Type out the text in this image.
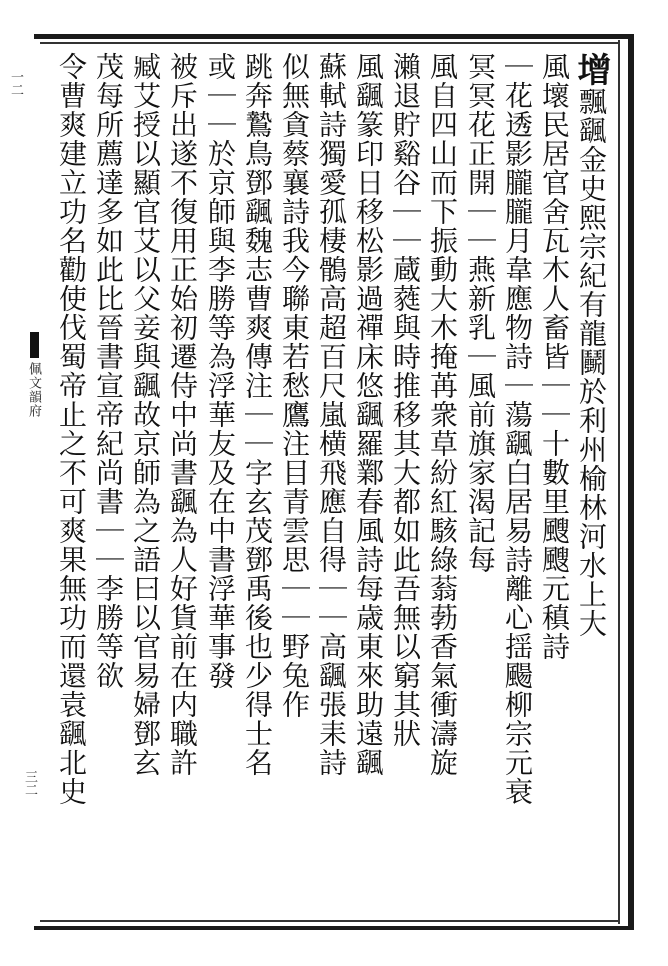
一二
佩文韻府
三二
增飄颻金史熙宗紀有龍鬭於利州榆林河水上大
風壞民居官舍瓦木人畜皆｜｜十數里颼颼元稹詩
｜花透影朧朧月韋應物詩｜蕩颻白居易詩離心揺颺柳宗元衰
冥冥花正開｜｜燕新乳｜風前旗家渴記每
風自四山而下振動大木掩苒衆草紛紅駭綠蓊葧香氣衝濤旋
瀨退貯谿谷｜｜蔵蕤與時推移其大都如此吾無以窮其狀
風颻篆印日移松影過禪床悠颻羅鄴春風詩每歳東來助遠颻
蘇軾詩獨愛孤棲鶻高超百尺嵐横飛應自得｜｜高颻張耒詩
似無貪蔡襄詩我今聯東若愁鷹注目青雲思｜｜野兔作
跳奔鷙鳥鄧颻魏志曹爽傳注｜｜字玄茂鄧禹後也少得士名
或｜｜於京師與李勝等為浮華友及在中書浮華事發
被斥出遂不復用正始初遷侍中尚書颻為人好貨前在内職許
臧艾授以顯官艾以父妾與颻故京師為之語曰以官易婦鄧玄
茂每所薦達多如此比晉書宣帝紀尚書｜｜李勝等欲
令曹爽建立功名勸使伐蜀帝止之不可爽果無功而還袁颻北史
